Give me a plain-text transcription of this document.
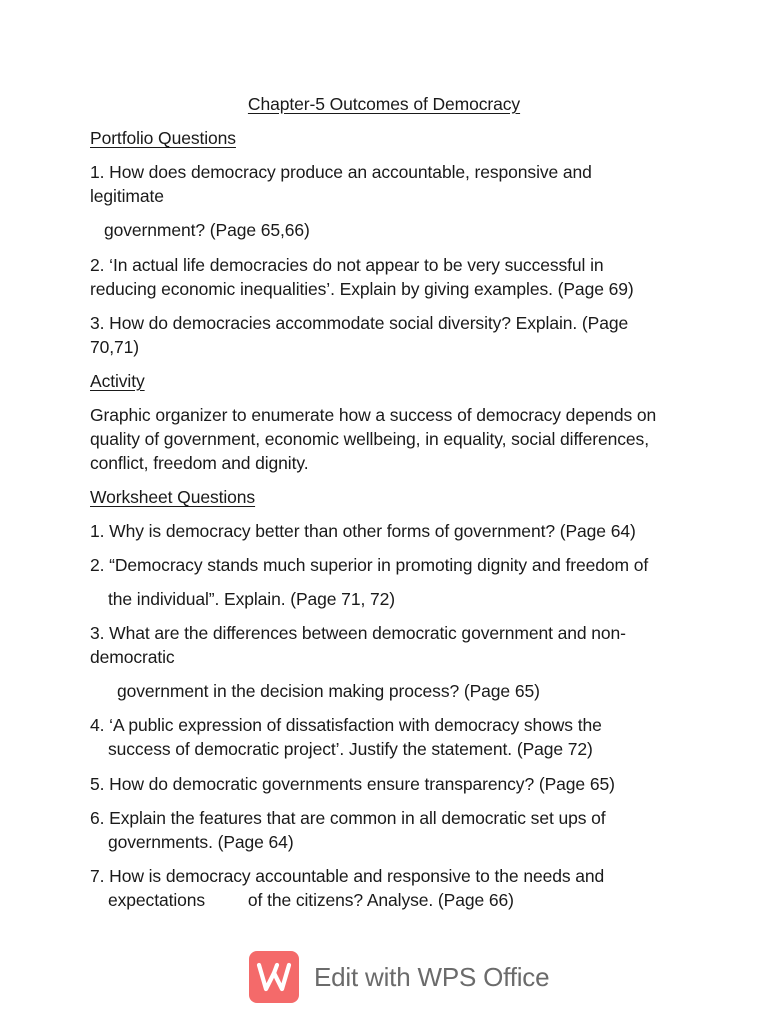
Chapter-5 Outcomes of Democracy
Portfolio Questions
1. How does democracy produce an accountable, responsive and
legitimate
government? (Page 65,66)
2. ‘In actual life democracies do not appear to be very successful in
reducing economic inequalities’. Explain by giving examples. (Page 69)
3. How do democracies accommodate social diversity? Explain. (Page
70,71)
Activity
Graphic organizer to enumerate how a success of democracy depends on
quality of government, economic wellbeing, in equality, social differences,
conflict, freedom and dignity.
Worksheet Questions
1. Why is democracy better than other forms of government? (Page 64)
2. “Democracy stands much superior in promoting dignity and freedom of
the individual”. Explain. (Page 71, 72)
3. What are the differences between democratic government and non-
democratic
government in the decision making process? (Page 65)
4. ‘A public expression of dissatisfaction with democracy shows the
success of democratic project’. Justify the statement. (Page 72)
5. How do democratic governments ensure transparency? (Page 65)
6. Explain the features that are common in all democratic set ups of
governments. (Page 64)
7. How is democracy accountable and responsive to the needs and
expectations         of the citizens? Analyse. (Page 66)
Edit with WPS Office
